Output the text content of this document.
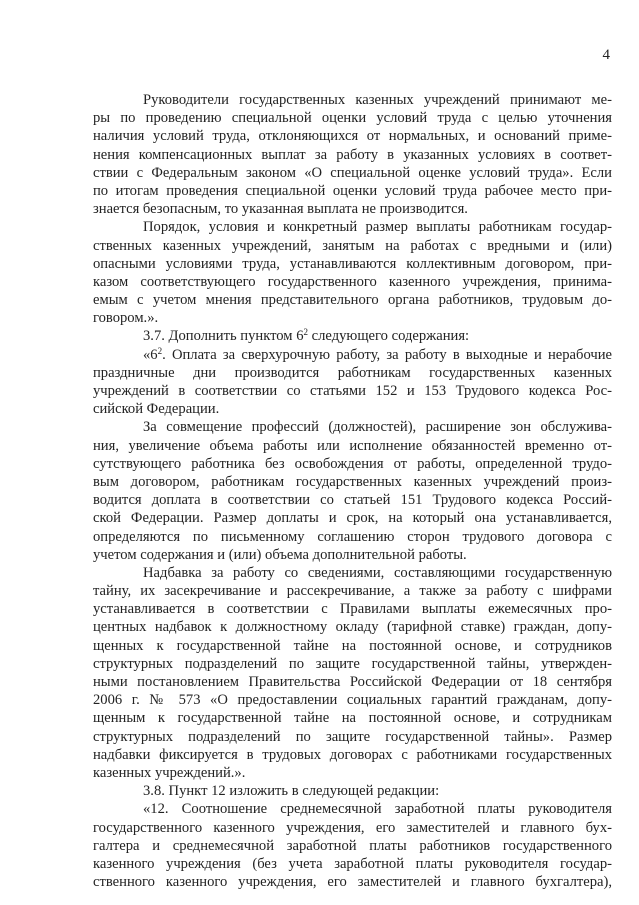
4
Руководители государственных казенных учреждений принимают ме-
ры по проведению специальной оценки условий труда с целью уточнения
наличия условий труда, отклоняющихся от нормальных, и оснований приме-
нения компенсационных выплат за работу в указанных условиях в соответ-
ствии с Федеральным законом «О специальной оценке условий труда». Если
по итогам проведения специальной оценки условий труда рабочее место при-
знается безопасным, то указанная выплата не производится.
Порядок, условия и конкретный размер выплаты работникам государ-
ственных казенных учреждений, занятым на работах с вредными и (или)
опасными условиями труда, устанавливаются коллективным договором, при-
казом соответствующего государственного казенного учреждения, принима-
емым с учетом мнения представительного органа работников, трудовым до-
говором.».
3.7. Дополнить пунктом $6^2$ следующего содержания:
«$6^2$. Оплата за сверхурочную работу, за работу в выходные и нерабочие
праздничные дни производится работникам государственных казенных
учреждений в соответствии со статьями 152 и 153 Трудового кодекса Рос-
сийской Федерации.
За совмещение профессий (должностей), расширение зон обслужива-
ния, увеличение объема работы или исполнение обязанностей временно от-
сутствующего работника без освобождения от работы, определенной трудо-
вым договором, работникам государственных казенных учреждений произ-
водится доплата в соответствии со статьей 151 Трудового кодекса Россий-
ской Федерации. Размер доплаты и срок, на который она устанавливается,
определяются по письменному соглашению сторон трудового договора с
учетом содержания и (или) объема дополнительной работы.
Надбавка за работу со сведениями, составляющими государственную
тайну, их засекречивание и рассекречивание, а также за работу с шифрами
устанавливается в соответствии с Правилами выплаты ежемесячных про-
центных надбавок к должностному окладу (тарифной ставке) граждан, допу-
щенных к государственной тайне на постоянной основе, и сотрудников
структурных подразделений по защите государственной тайны, утвержден-
ными постановлением Правительства Российской Федерации от 18 сентября
2006 г. № 573 «О предоставлении социальных гарантий гражданам, допу-
щенным к государственной тайне на постоянной основе, и сотрудникам
структурных подразделений по защите государственной тайны». Размер
надбавки фиксируется в трудовых договорах с работниками государственных
казенных учреждений.».
3.8. Пункт 12 изложить в следующей редакции:
«12. Соотношение среднемесячной заработной платы руководителя
государственного казенного учреждения, его заместителей и главного бух-
галтера и среднемесячной заработной платы работников государственного
казенного учреждения (без учета заработной платы руководителя государ-
ственного казенного учреждения, его заместителей и главного бухгалтера),
